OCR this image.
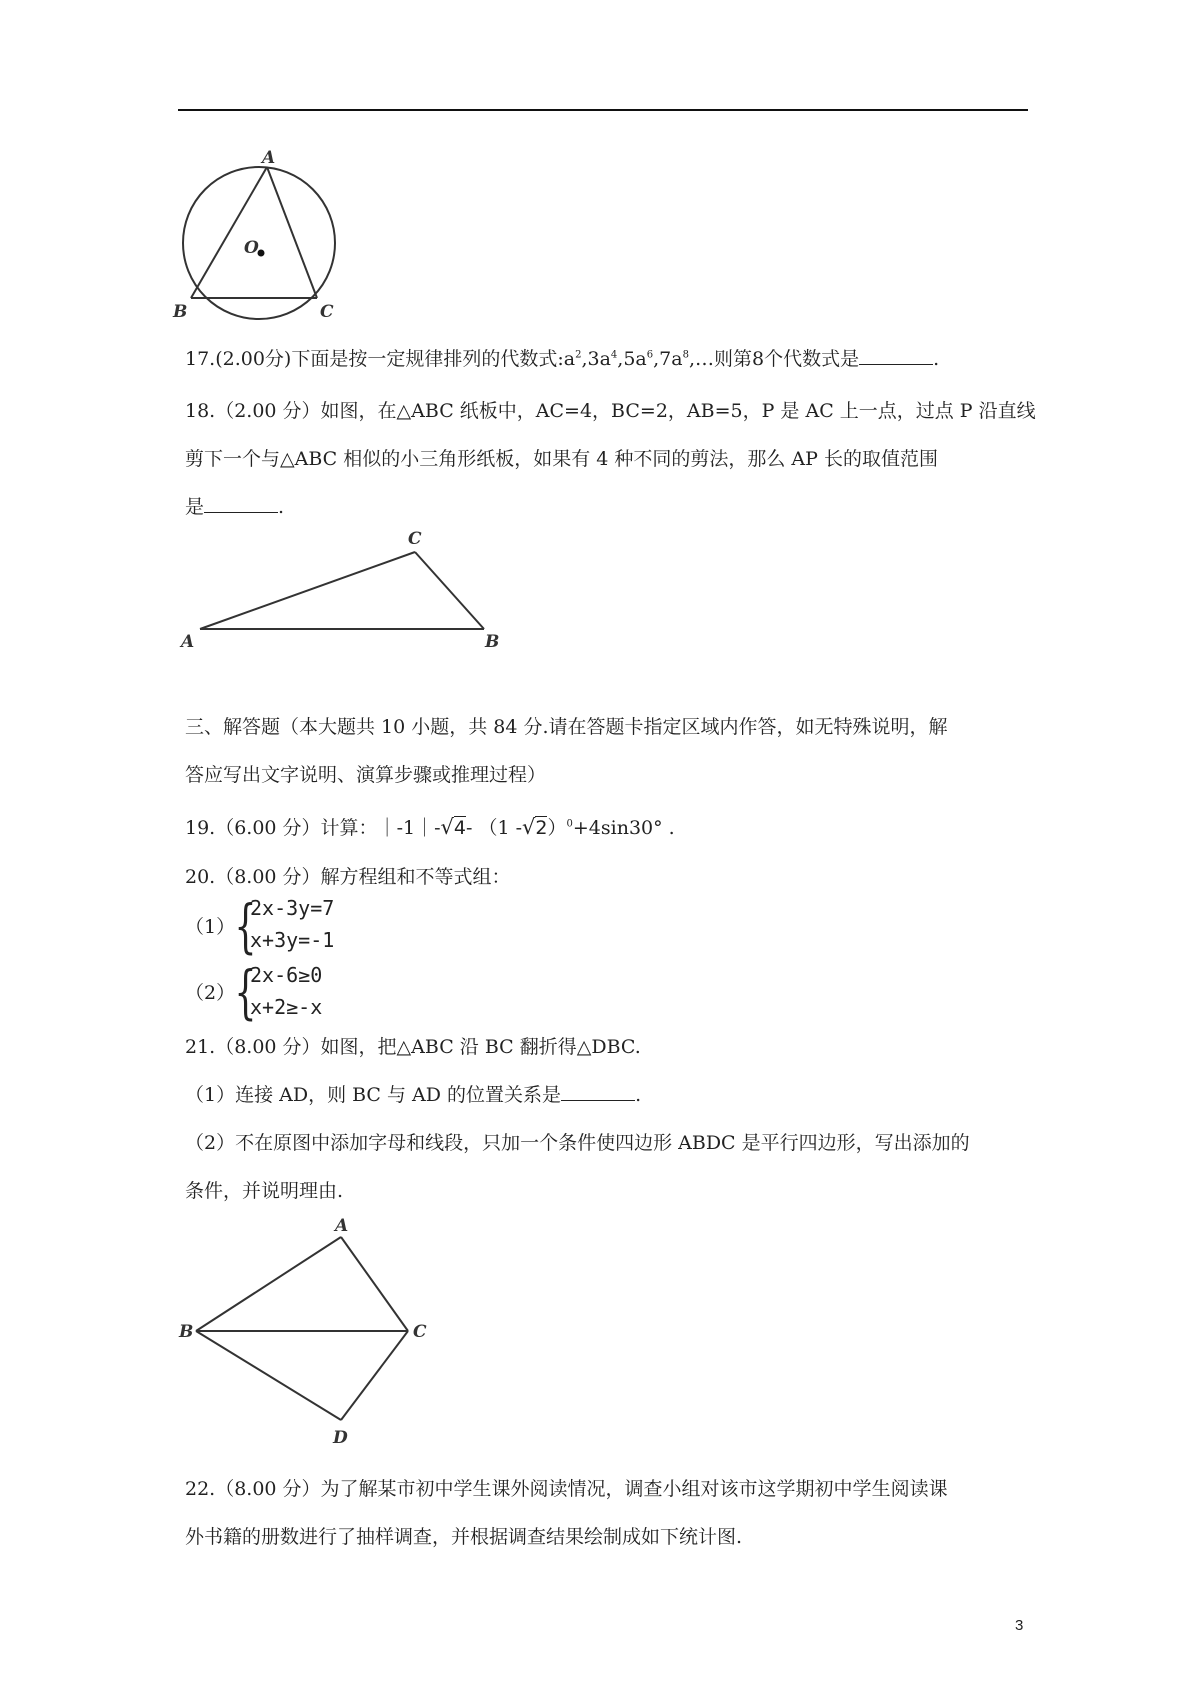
A
O
B	C
17.(2.00分)下面是按一定规律排列的代数式$:a^2,3a^4,5a^6,7a^8,\dots$则第8个代数式是	.
18.（2.00 分）如图，在△ABC 纸板中，AC=4，BC=2，AB=5，P 是 AC 上一点，过点 P 沿直线
剪下一个与△ABC 相似的小三角形纸板，如果有 4 种不同的剪法，那么 AP 长的取值范围
是	.
A	B
C
三、解答题（本大题共 10 小题，共 84 分.请在答题卡指定区域内作答，如无特殊说明，解
答应写出文字说明、演算步骤或推理过程）
19.（6.00 分）计算：｜-1｜-√4- （1 -√2）$^0$+4sin30° .
20.（8.00 分）解方程组和不等式组：
（1） {
2x-3y=7
x+3y=-1
（2） {
2x-6≥0
x+2≥-x
21.（8.00 分）如图，把△ABC 沿 BC 翻折得△DBC.
（1）连接 AD，则 BC 与 AD 的位置关系是	.
（2）不在原图中添加字母和线段，只加一个条件使四边形 ABDC 是平行四边形，写出添加的
条件，并说明理由.
A
B	C
D
22.（8.00 分）为了解某市初中学生课外阅读情况，调查小组对该市这学期初中学生阅读课
外书籍的册数进行了抽样调查，并根据调查结果绘制成如下统计图.
3
